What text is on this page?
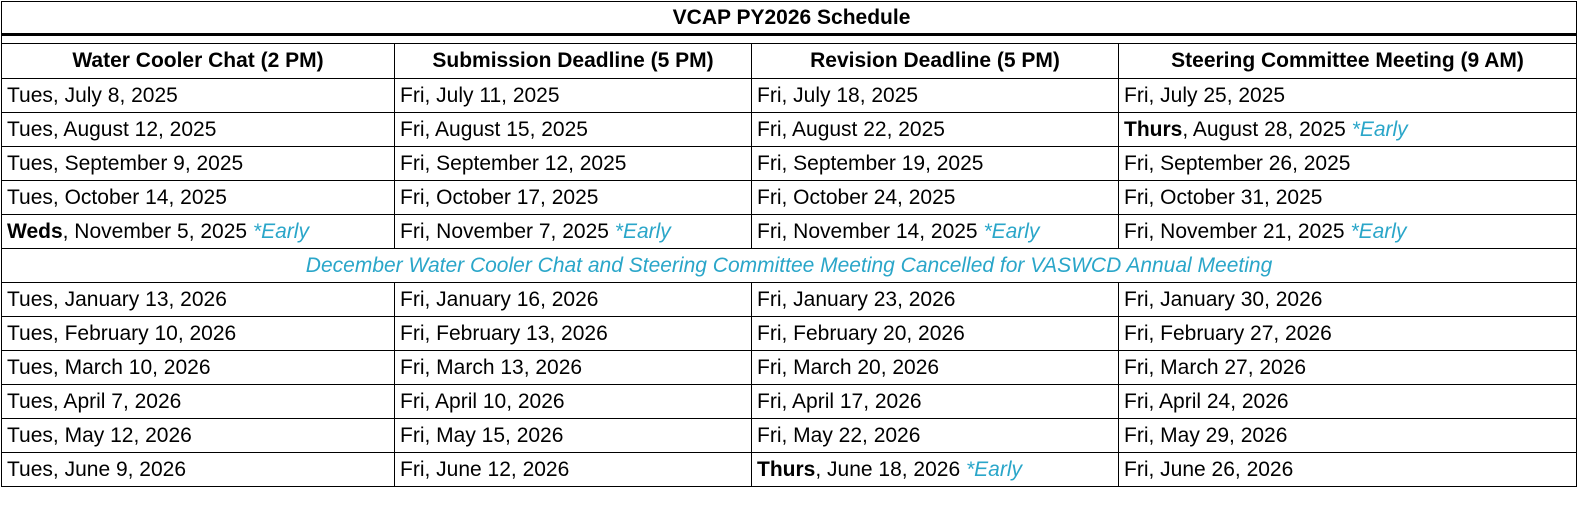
VCAP PY2026 Schedule			

Water Cooler Chat (2 PM)	Submission Deadline (5 PM)	Revision Deadline (5 PM)	Steering Committee Meeting (9 AM)
Tues, July 8, 2025	Fri, July 11, 2025	Fri, July 18, 2025	Fri, July 25, 2025
Tues, August 12, 2025	Fri, August 15, 2025	Fri, August 22, 2025	Thurs, August 28, 2025 *Early
Tues, September 9, 2025	Fri, September 12, 2025	Fri, September 19, 2025	Fri, September 26, 2025
Tues, October 14, 2025	Fri, October 17, 2025	Fri, October 24, 2025	Fri, October 31, 2025
Weds, November 5, 2025 *Early	Fri, November 7, 2025 *Early	Fri, November 14, 2025 *Early	Fri, November 21, 2025 *Early
December Water Cooler Chat and Steering Committee Meeting Cancelled for VASWCD Annual Meeting			
Tues, January 13, 2026	Fri, January 16, 2026	Fri, January 23, 2026	Fri, January 30, 2026
Tues, February 10, 2026	Fri, February 13, 2026	Fri, February 20, 2026	Fri, February 27, 2026
Tues, March 10, 2026	Fri, March 13, 2026	Fri, March 20, 2026	Fri, March 27, 2026
Tues, April 7, 2026	Fri, April 10, 2026	Fri, April 17, 2026	Fri, April 24, 2026
Tues, May 12, 2026	Fri, May 15, 2026	Fri, May 22, 2026	Fri, May 29, 2026
Tues, June 9, 2026	Fri, June 12, 2026	Thurs, June 18, 2026 *Early	Fri, June 26, 2026
